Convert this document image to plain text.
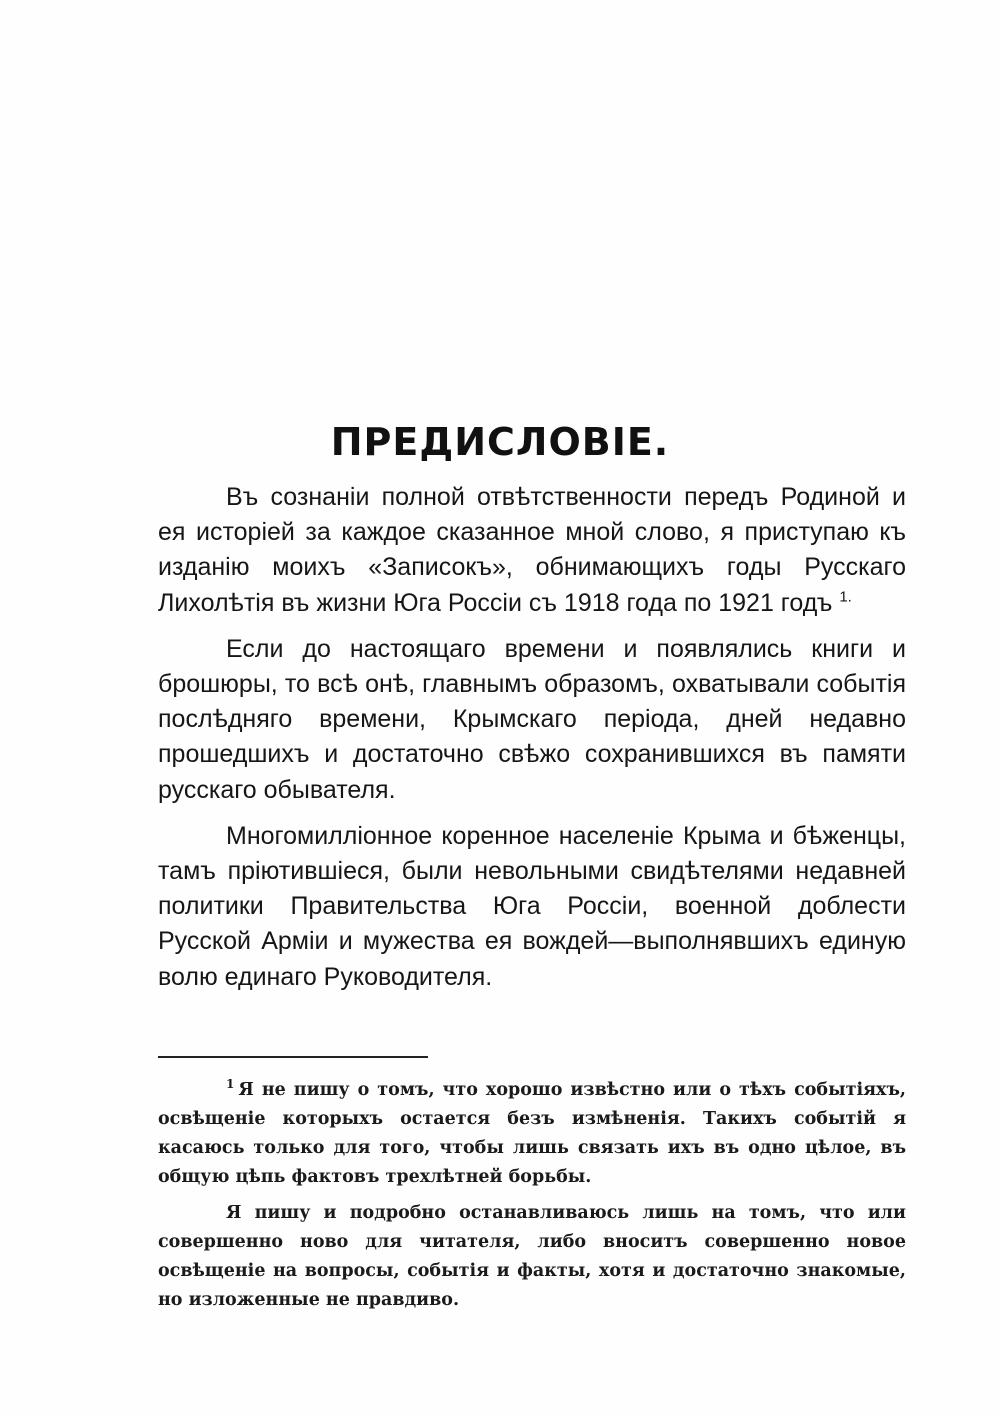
ПРЕДИСЛОВІЕ.

Въ сознаніи полной отвѣтственности передъ Родиной и ея исторіей за каждое сказанное мной слово, я приступаю къ изданію моихъ «Записокъ», обнимающихъ годы Русскаго Лихолѣтія въ жизни Юга Россіи съ 1918 года по 1921 годъ $^{1.}$

Если до настоящаго времени и появлялись книги и брошюры, то всѣ онѣ, главнымъ образомъ, охватывали событія послѣдняго времени, Крымскаго періода, дней недавно прошедшихъ и достаточно свѣжо сохранившихся въ памяти русскаго обывателя.

Многомилліонное коренное населеніе Крыма и бѣженцы, тамъ пріютившіеся, были невольными свидѣтелями недавней политики Правительства Юга Россіи, военной доблести Русской Арміи и мужества ея вождей—выполнявшихъ единую волю единаго Руководителя.

$^1$ Я не пишу о томъ, что хорошо извѣстно или о тѣхъ событіяхъ, освѣщеніе которыхъ остается безъ измѣненія. Такихъ событій я касаюсь только для того, чтобы лишь связать ихъ въ одно цѣлое, въ общую цѣпь фактовъ трехлѣтней борьбы.

Я пишу и подробно останавливаюсь лишь на томъ, что или совершенно ново для читателя, либо вноситъ совершенно новое освѣщеніе на вопросы, событія и факты, хотя и достаточно знакомые, но изложенные не правдиво.
